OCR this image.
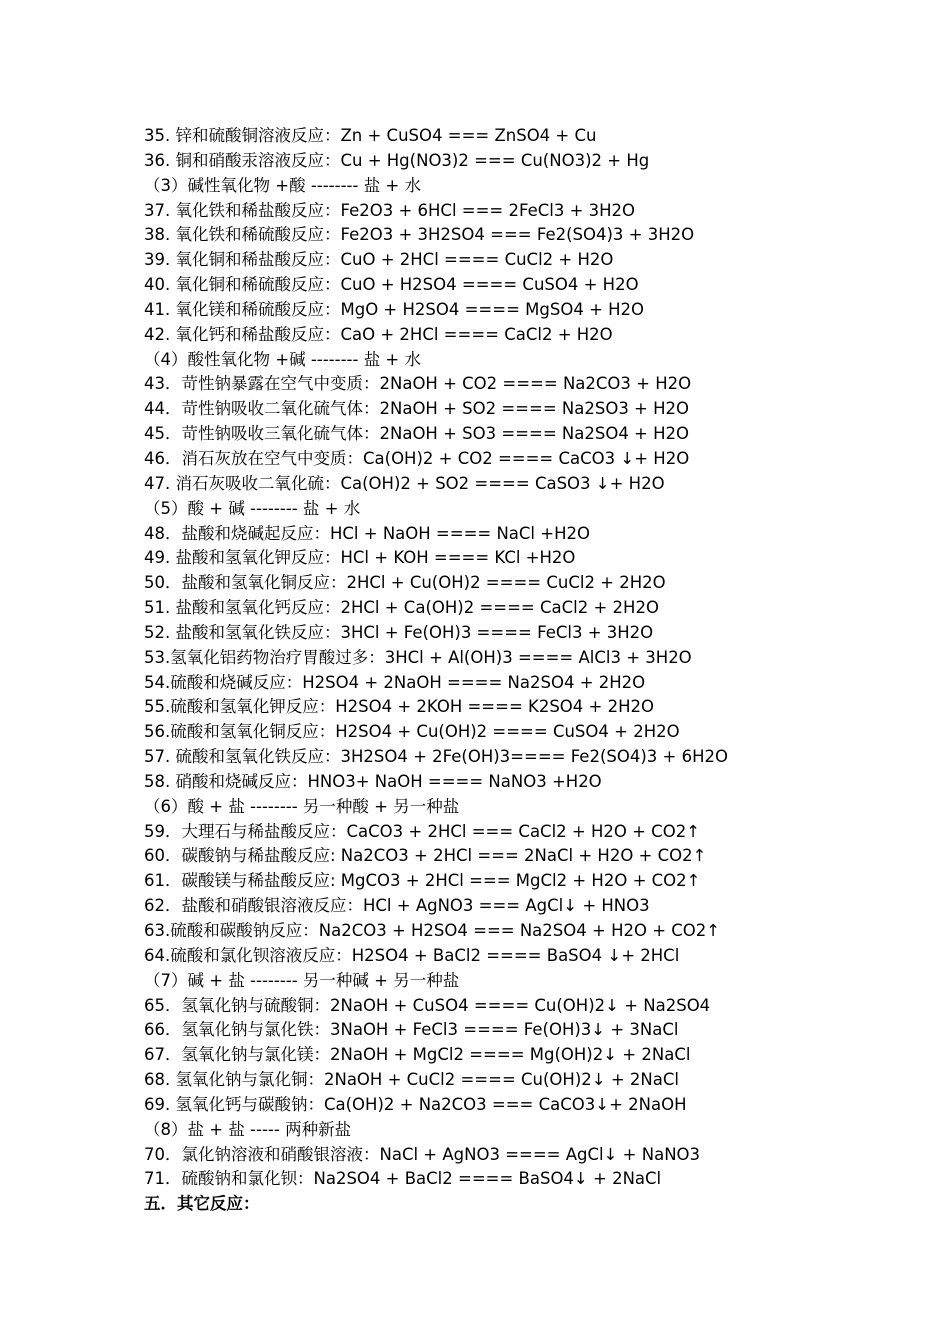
35. 锌和硫酸铜溶液反应：Zn + CuSO4 === ZnSO4 + Cu
36. 铜和硝酸汞溶液反应：Cu + Hg(NO3)2 === Cu(NO3)2 + Hg
（3）碱性氧化物 +酸 -------- 盐 + 水
37. 氧化铁和稀盐酸反应：Fe2O3 + 6HCl === 2FeCl3 + 3H2O
38. 氧化铁和稀硫酸反应：Fe2O3 + 3H2SO4 === Fe2(SO4)3 + 3H2O
39. 氧化铜和稀盐酸反应：CuO + 2HCl ==== CuCl2 + H2O
40. 氧化铜和稀硫酸反应：CuO + H2SO4 ==== CuSO4 + H2O
41. 氧化镁和稀硫酸反应：MgO + H2SO4 ==== MgSO4 + H2O
42. 氧化钙和稀盐酸反应：CaO + 2HCl ==== CaCl2 + H2O
（4）酸性氧化物 +碱 -------- 盐 + 水
43．苛性钠暴露在空气中变质：2NaOH + CO2 ==== Na2CO3 + H2O
44．苛性钠吸收二氧化硫气体：2NaOH + SO2 ==== Na2SO3 + H2O
45．苛性钠吸收三氧化硫气体：2NaOH + SO3 ==== Na2SO4 + H2O
46．消石灰放在空气中变质：Ca(OH)2 + CO2 ==== CaCO3 ↓+ H2O
47. 消石灰吸收二氧化硫：Ca(OH)2 + SO2 ==== CaSO3 ↓+ H2O
（5）酸 + 碱 -------- 盐 + 水
48．盐酸和烧碱起反应：HCl + NaOH ==== NaCl +H2O
49. 盐酸和氢氧化钾反应：HCl + KOH ==== KCl +H2O
50．盐酸和氢氧化铜反应：2HCl + Cu(OH)2 ==== CuCl2 + 2H2O
51. 盐酸和氢氧化钙反应：2HCl + Ca(OH)2 ==== CaCl2 + 2H2O
52. 盐酸和氢氧化铁反应：3HCl + Fe(OH)3 ==== FeCl3 + 3H2O
53.氢氧化铝药物治疗胃酸过多：3HCl + Al(OH)3 ==== AlCl3 + 3H2O
54.硫酸和烧碱反应：H2SO4 + 2NaOH ==== Na2SO4 + 2H2O
55.硫酸和氢氧化钾反应：H2SO4 + 2KOH ==== K2SO4 + 2H2O
56.硫酸和氢氧化铜反应：H2SO4 + Cu(OH)2 ==== CuSO4 + 2H2O
57. 硫酸和氢氧化铁反应：3H2SO4 + 2Fe(OH)3==== Fe2(SO4)3 + 6H2O
58. 硝酸和烧碱反应：HNO3+ NaOH ==== NaNO3 +H2O
（6）酸 + 盐 -------- 另一种酸 + 另一种盐
59．大理石与稀盐酸反应：CaCO3 + 2HCl === CaCl2 + H2O + CO2↑
60．碳酸钠与稀盐酸反应: Na2CO3 + 2HCl === 2NaCl + H2O + CO2↑
61．碳酸镁与稀盐酸反应: MgCO3 + 2HCl === MgCl2 + H2O + CO2↑
62．盐酸和硝酸银溶液反应：HCl + AgNO3 === AgCl↓ + HNO3
63.硫酸和碳酸钠反应：Na2CO3 + H2SO4 === Na2SO4 + H2O + CO2↑
64.硫酸和氯化钡溶液反应：H2SO4 + BaCl2 ==== BaSO4 ↓+ 2HCl
（7）碱 + 盐 -------- 另一种碱 + 另一种盐
65．氢氧化钠与硫酸铜：2NaOH + CuSO4 ==== Cu(OH)2↓ + Na2SO4
66．氢氧化钠与氯化铁：3NaOH + FeCl3 ==== Fe(OH)3↓ + 3NaCl
67．氢氧化钠与氯化镁：2NaOH + MgCl2 ==== Mg(OH)2↓ + 2NaCl
68. 氢氧化钠与氯化铜：2NaOH + CuCl2 ==== Cu(OH)2↓ + 2NaCl
69. 氢氧化钙与碳酸钠：Ca(OH)2 + Na2CO3 === CaCO3↓+ 2NaOH
（8）盐 + 盐 ----- 两种新盐
70．氯化钠溶液和硝酸银溶液：NaCl + AgNO3 ==== AgCl↓ + NaNO3
71．硫酸钠和氯化钡：Na2SO4 + BaCl2 ==== BaSO4↓ + 2NaCl
五．其它反应：
